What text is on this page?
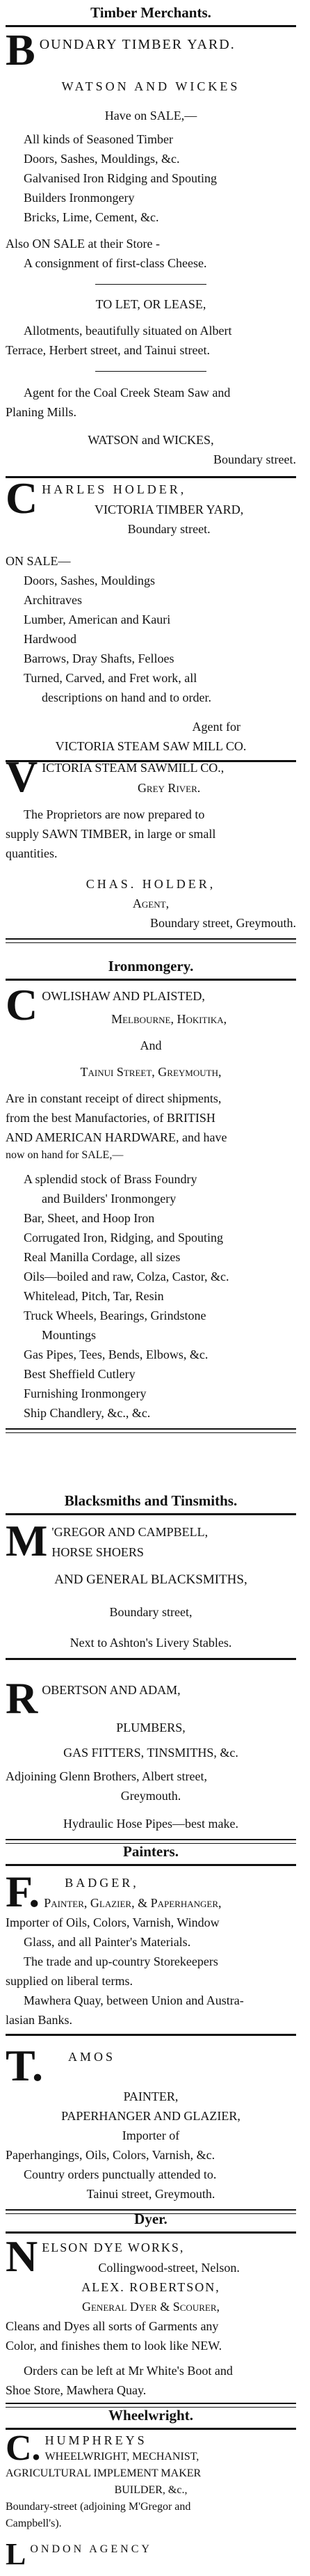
Timber Merchants.
B OUNDARY TIMBER YARD.
WATSON AND WICKES
Have on SALE,—
All kinds of Seasoned Timber
Doors, Sashes, Mouldings, &c.
Galvanised Iron Ridging and Spouting
Builders Ironmongery
Bricks, Lime, Cement, &c.
Also ON SALE at their Store -
A consignment of first-class Cheese.
TO LET, OR LEASE,
Allotments, beautifully situated on Albert
Terrace, Herbert street, and Tainui street.
Agent for the Coal Creek Steam Saw and
Planing Mills.
WATSON and WICKES,
Boundary street.
C HARLES HOLDER,
VICTORIA TIMBER YARD,
Boundary street.
ON SALE—
Doors, Sashes, Mouldings
Architraves
Lumber, American and Kauri
Hardwood
Barrows, Dray Shafts, Felloes
Turned, Carved, and Fret work, all
descriptions on hand and to order.
Agent for
VICTORIA STEAM SAW MILL CO.
V ICTORIA STEAM SAWMILL CO.,
Grey River.
The Proprietors are now prepared to
supply SAWN TIMBER, in large or small
quantities.
CHAS. HOLDER,
Agent,
Boundary street, Greymouth.
Ironmongery.
C OWLISHAW AND PLAISTED,
Melbourne, Hokitika,
And
Tainui Street, Greymouth,
Are in constant receipt of direct shipments,
from the best Manufactories, of BRITISH
AND AMERICAN HARDWARE, and have
now on hand for SALE,—
A splendid stock of Brass Foundry
and Builders' Ironmongery
Bar, Sheet, and Hoop Iron
Corrugated Iron, Ridging, and Spouting
Real Manilla Cordage, all sizes
Oils—boiled and raw, Colza, Castor, &c.
Whitelead, Pitch, Tar, Resin
Truck Wheels, Bearings, Grindstone
Mountings
Gas Pipes, Tees, Bends, Elbows, &c.
Best Sheffield Cutlery
Furnishing Ironmongery
Ship Chandlery, &c., &c.
Blacksmiths and Tinsmiths.
M 'GREGOR AND CAMPBELL,
HORSE SHOERS
AND GENERAL BLACKSMITHS,
Boundary street,
Next to Ashton's Livery Stables.
R OBERTSON AND ADAM,
PLUMBERS,
GAS FITTERS, TINSMITHS, &c.
Adjoining Glenn Brothers, Albert street,
Greymouth.
Hydraulic Hose Pipes—best make.
Painters.
F.	BADGER,
Painter, Glazier, & Paperhanger,
Importer of Oils, Colors, Varnish, Window
Glass, and all Painter's Materials.
The trade and up-country Storekeepers
supplied on liberal terms.
Mawhera Quay, between Union and Austra-
lasian Banks.
T.	AMOS
PAINTER,
PAPERHANGER AND GLAZIER,
Importer of
Paperhangings, Oils, Colors, Varnish, &c.
Country orders punctually attended to.
Tainui street, Greymouth.
Dyer.
N ELSON DYE WORKS,
Collingwood-street, Nelson.
ALEX. ROBERTSON,
General Dyer & Scourer,
Cleans and Dyes all sorts of Garments any
Color, and finishes them to look like NEW.
Orders can be left at Mr White's Boot and
Shoe Store, Mawhera Quay.
Wheelwright.
C. HUMPHREYS
WHEELWRIGHT, MECHANIST,
AGRICULTURAL IMPLEMENT MAKER
BUILDER, &c.,
Boundary-street (adjoining M'Gregor and
Campbell's).
L ONDON AGENCY
